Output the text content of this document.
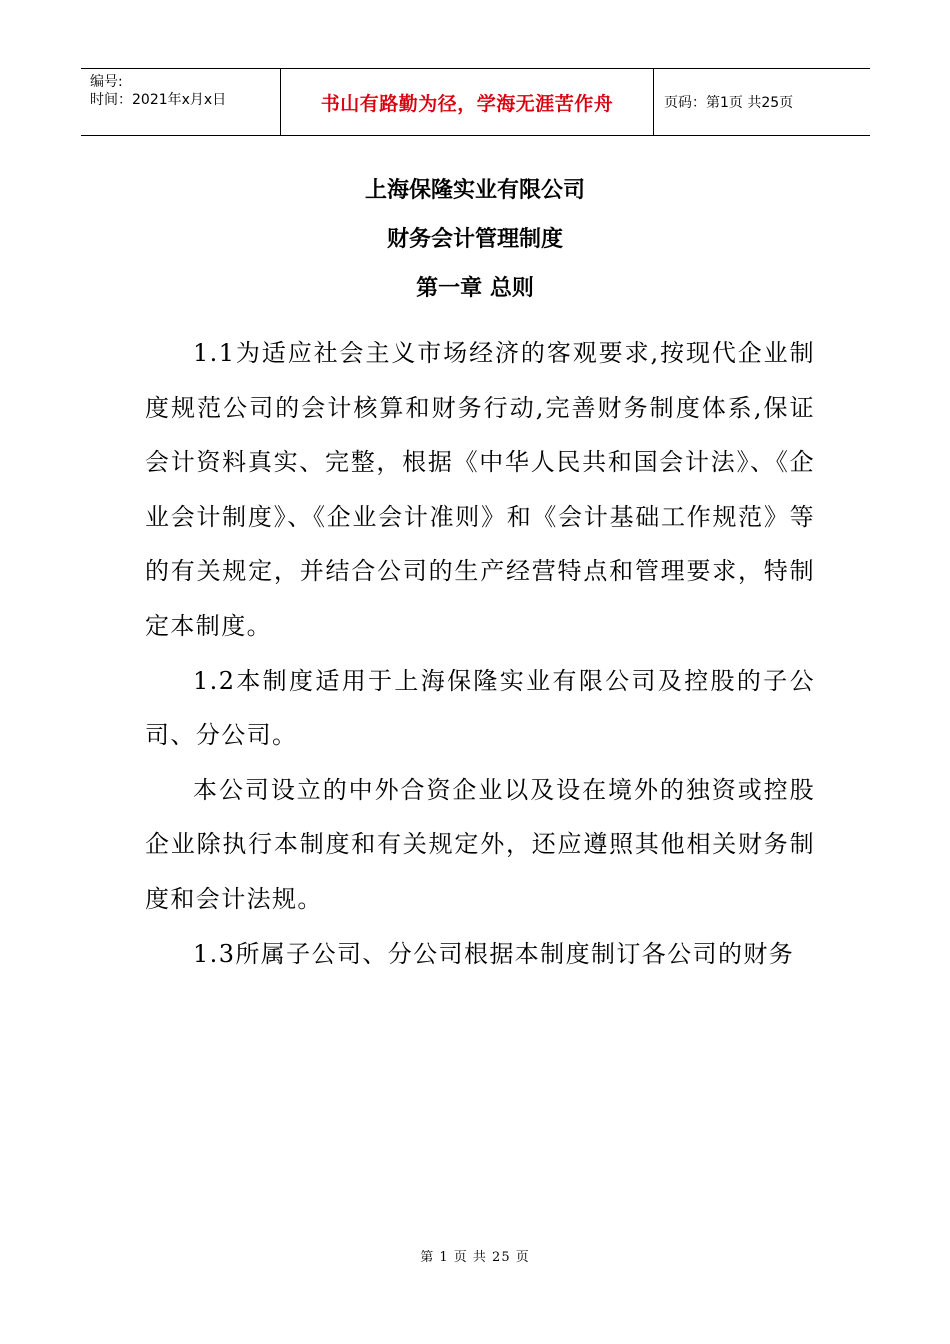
编号:
时间：2021年x月x日	书山有路勤为径，学海无涯苦作舟	页码：第1页 共25页
上海保隆实业有限公司
财务会计管理制度
第一章 总则

1.1为适应社会主义市场经济的客观要求,按现代企业制度规范公司的会计核算和财务行动,完善财务制度体系,保证会计资料真实、完整，根据《中华人民共和国会计法》、《企业会计制度》、《企业会计准则》和《会计基础工作规范》等的有关规定，并结合公司的生产经营特点和管理要求，特制定本制度。

1.2本制度适用于上海保隆实业有限公司及控股的子公司、分公司。

本公司设立的中外合资企业以及设在境外的独资或控股企业除执行本制度和有关规定外，还应遵照其他相关财务制度和会计法规。

1.3所属子公司、分公司根据本制度制订各公司的财务

第 1 页 共 25 页
